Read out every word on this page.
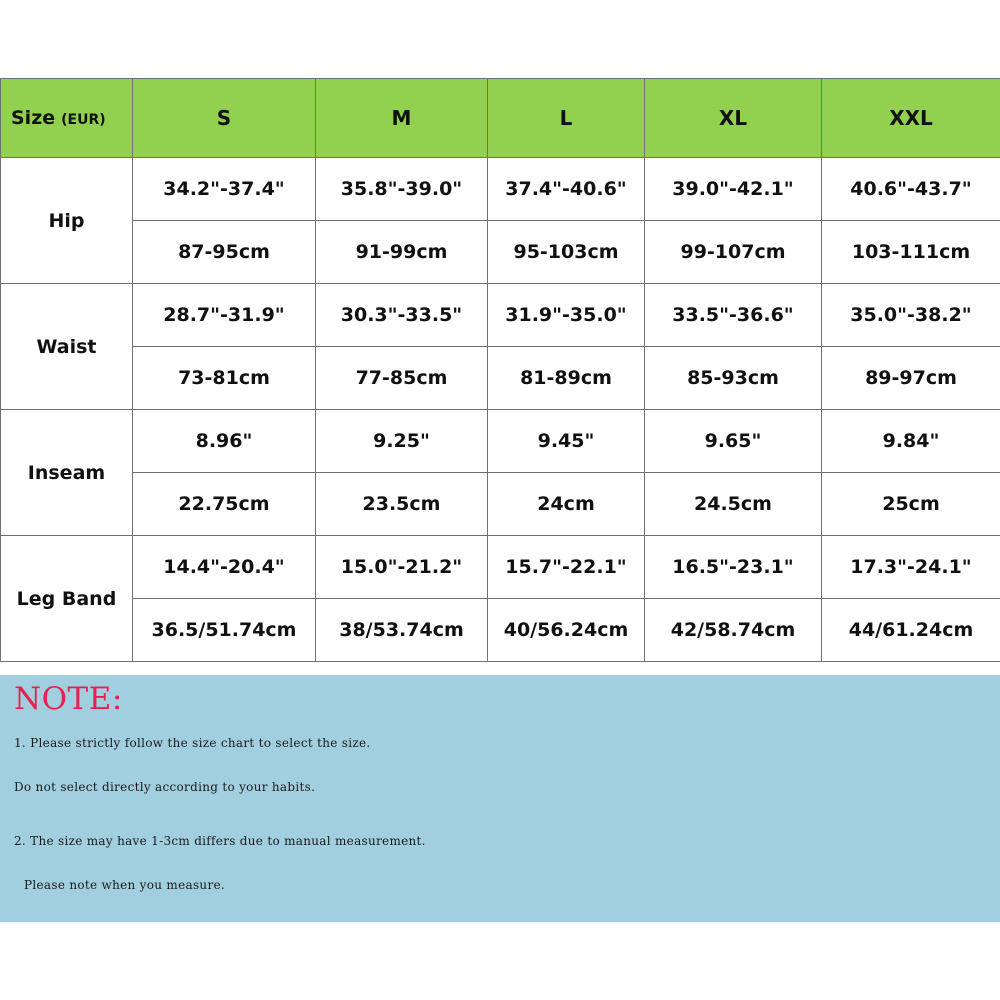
Size (EUR)	S	M	L	XL	XXL
Hip	34.2"-37.4"	35.8"-39.0"	37.4"-40.6"	39.0"-42.1"	40.6"-43.7"
	87-95cm	91-99cm	95-103cm	99-107cm	103-111cm
Waist	28.7"-31.9"	30.3"-33.5"	31.9"-35.0"	33.5"-36.6"	35.0"-38.2"
	73-81cm	77-85cm	81-89cm	85-93cm	89-97cm
Inseam	8.96"	9.25"	9.45"	9.65"	9.84"
	22.75cm	23.5cm	24cm	24.5cm	25cm
Leg Band	14.4"-20.4"	15.0"-21.2"	15.7"-22.1"	16.5"-23.1"	17.3"-24.1"
	36.5/51.74cm	38/53.74cm	40/56.24cm	42/58.74cm	44/61.24cm
NOTE:
1. Please strictly follow the size chart to select the size.
Do not select directly according to your habits.
2. The size may have 1-3cm differs due to manual measurement.
Please note when you measure.
